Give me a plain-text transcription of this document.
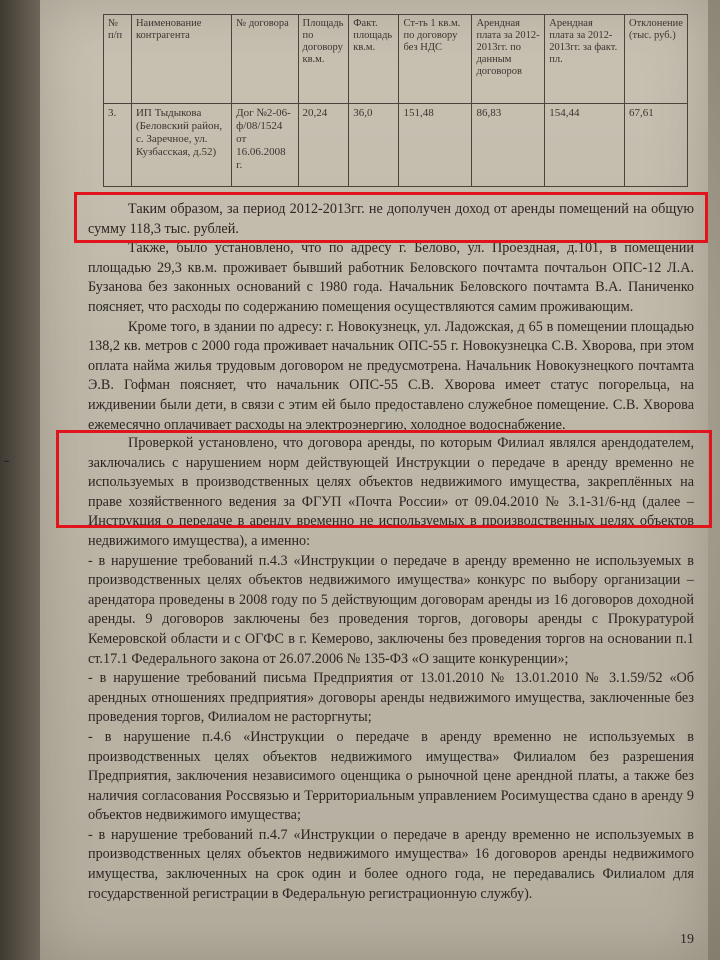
№ п/п	Наименование контрагента	№ договора	Площадь по договору кв.м.	Факт. площадь кв.м.	Ст-ть 1 кв.м. по договору без НДС	Арендная плата за 2012-2013гг. по данным договоров	Арендная плата за 2012-2013гг. за факт. пл.	Отклонение (тыс. руб.)
3.	ИП Тыдыкова (Беловский район, с. Заречное, ул. Кузбасская, д.52)	Дог №2-06-ф/08/1524 от 16.06.2008 г.	20,24	36,0	151,48	86,83	154,44	67,61

Таким образом, за период 2012-2013гг. не дополучен доход от аренды помещений на общую сумму 118,3 тыс. рублей.

Также, было установлено, что по адресу г. Белово, ул. Проездная, д.101, в помещении площадью 29,3 кв.м. проживает бывший работник Беловского почтамта почтальон ОПС-12 Л.А. Бузанова без законных оснований с 1980 года. Начальник Беловского почтамта В.А. Паниченко поясняет, что расходы по содержанию помещения осуществляются самим проживающим.

Кроме того, в здании по адресу: г. Новокузнецк, ул. Ладожская, д 65 в помещении площадью 138,2 кв. метров с 2000 года проживает начальник ОПС-55 г. Новокузнецка С.В. Хворова, при этом оплата найма жилья трудовым договором не предусмотрена. Начальник Новокузнецкого почтамта Э.В. Гофман поясняет, что начальник ОПС-55 С.В. Хворова имеет статус погорельца, на иждивении были дети, в связи с этим ей было предоставлено служебное помещение. С.В. Хворова ежемесячно оплачивает расходы на электроэнергию, холодное водоснабжение.

Проверкой установлено, что договора аренды, по которым Филиал являлся арендодателем, заключались с нарушением норм действующей Инструкции о передаче в аренду временно не используемых в производственных целях объектов недвижимого имущества, закреплённых на праве хозяйственного ведения за ФГУП «Почта России» от 09.04.2010 № 3.1-31/6-нд (далее – Инструкция о передаче в аренду временно не используемых в производственных целях объектов недвижимого имущества), а именно:

- в нарушение требований п.4.3 «Инструкции о передаче в аренду временно не используемых в производственных целях объектов недвижимого имущества» конкурс по выбору организации – арендатора проведены в 2008 году по 5 действующим договорам аренды из 16 договоров доходной аренды. 9 договоров заключены без проведения торгов, договоры аренды с Прокуратурой Кемеровской области и с ОГФС в г. Кемерово, заключены без проведения торгов на основании п.1 ст.17.1 Федерального закона от 26.07.2006 № 135-ФЗ «О защите конкуренции»;

- в нарушение требований письма Предприятия от 13.01.2010 № 13.01.2010 № 3.1.59/52 «Об арендных отношениях предприятия» договоры аренды недвижимого имущества, заключенные без проведения торгов, Филиалом не расторгнуты;

- в нарушение п.4.6 «Инструкции о передаче в аренду временно не используемых в производственных целях объектов недвижимого имущества» Филиалом без разрешения Предприятия, заключения независимого оценщика о рыночной цене арендной платы, а также без наличия согласования Россвязью и Территориальным управлением Росимущества сдано в аренду 9 объектов недвижимого имущества;

- в нарушение требований п.4.7 «Инструкции о передаче в аренду временно не используемых в производственных целях объектов недвижимого имущества» 16 договоров аренды недвижимого имущества, заключенных на срок один и более одного года, не передавались Филиалом для государственной регистрации в Федеральную регистрационную службу).

-
19
